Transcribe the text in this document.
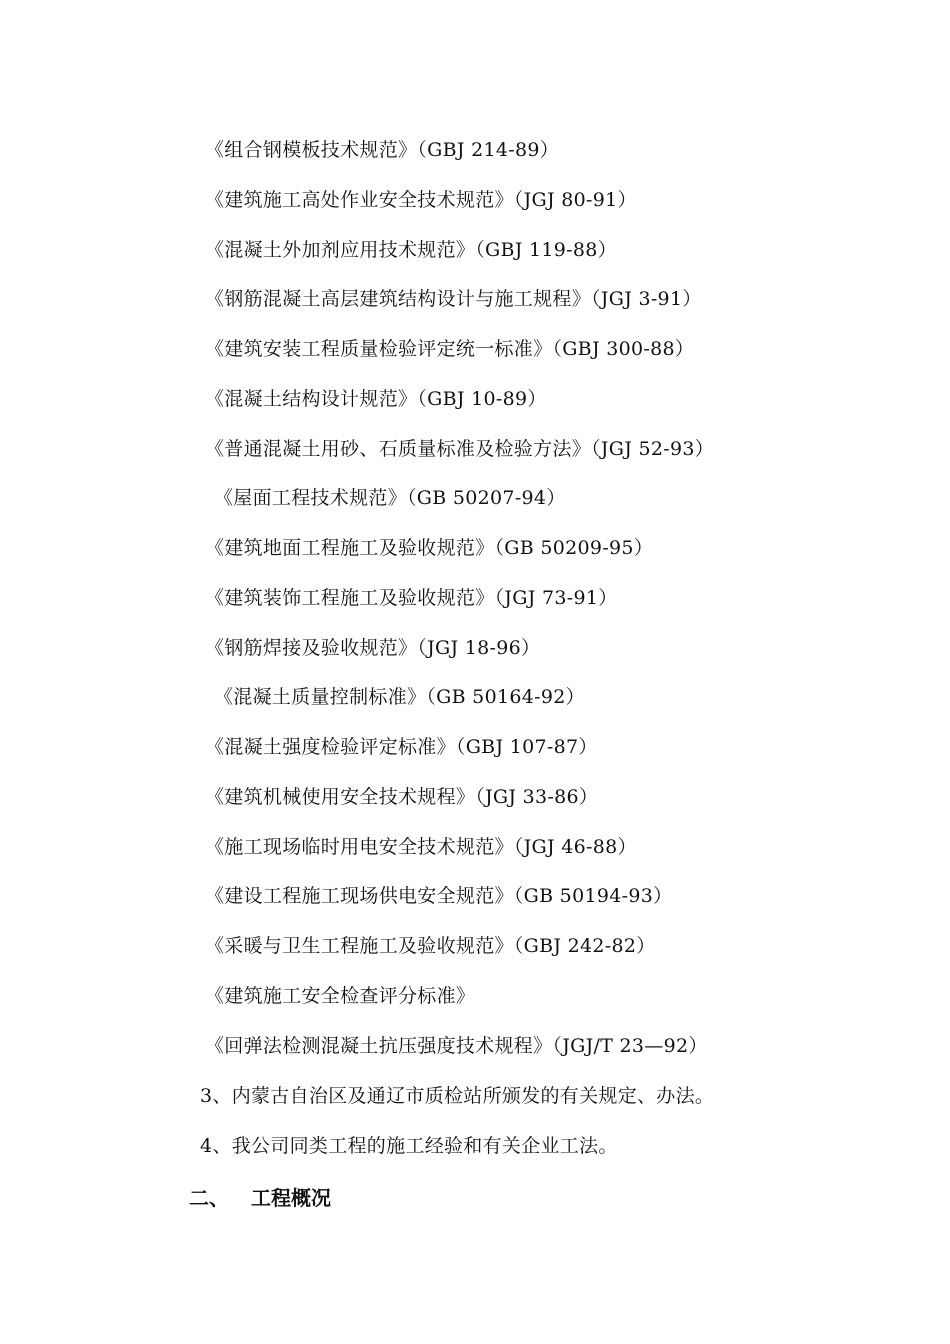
《组合钢模板技术规范》（GBJ 214-89）
《建筑施工高处作业安全技术规范》（JGJ 80-91）
《混凝土外加剂应用技术规范》（GBJ 119-88）
《钢筋混凝土高层建筑结构设计与施工规程》（JGJ 3-91）
《建筑安装工程质量检验评定统一标准》（GBJ 300-88）
《混凝土结构设计规范》（GBJ 10-89）
《普通混凝土用砂、石质量标准及检验方法》（JGJ 52-93）
《屋面工程技术规范》（GB 50207-94）
《建筑地面工程施工及验收规范》（GB 50209-95）
《建筑装饰工程施工及验收规范》（JGJ 73-91）
《钢筋焊接及验收规范》（JGJ 18-96）
《混凝土质量控制标准》（GB 50164-92）
《混凝土强度检验评定标准》（GBJ 107-87）
《建筑机械使用安全技术规程》（JGJ 33-86）
《施工现场临时用电安全技术规范》（JGJ 46-88）
《建设工程施工现场供电安全规范》（GB 50194-93）
《采暖与卫生工程施工及验收规范》（GBJ 242-82）
《建筑施工安全检查评分标准》
《回弹法检测混凝土抗压强度技术规程》（JGJ/T 23—92）
3、内蒙古自治区及通辽市质检站所颁发的有关规定、办法。
4、我公司同类工程的施工经验和有关企业工法。
二、 工程概况
